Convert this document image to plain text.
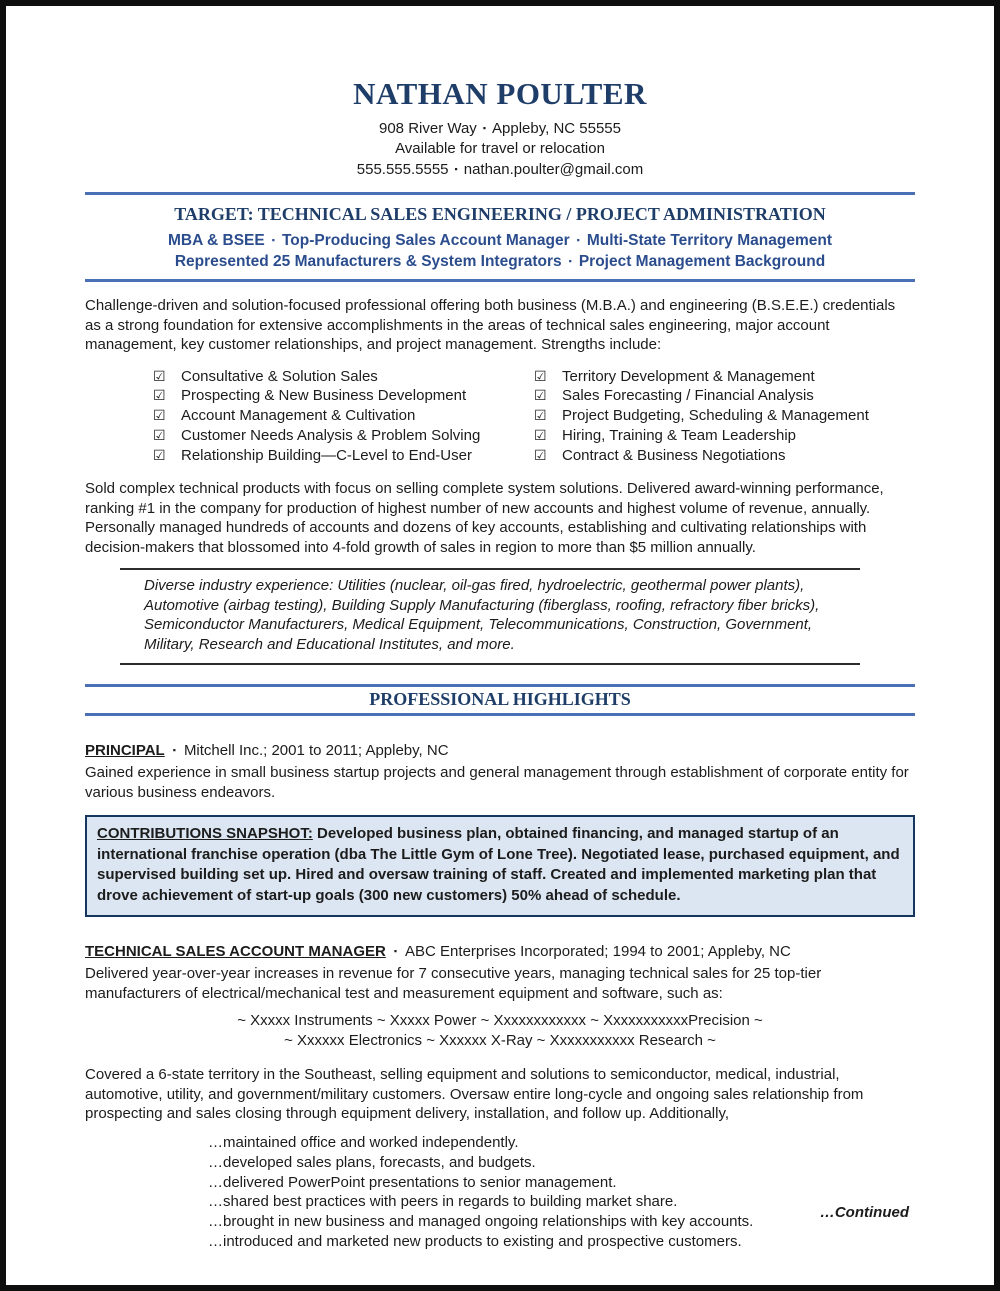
NATHAN POULTER
908 River Way ▪ Appleby, NC 55555
Available for travel or relocation
555.555.5555 ▪ nathan.poulter@gmail.com
TARGET: TECHNICAL SALES ENGINEERING / PROJECT ADMINISTRATION
MBA & BSEE ▪ Top-Producing Sales Account Manager ▪ Multi-State Territory Management
Represented 25 Manufacturers & System Integrators ▪ Project Management Background
Challenge-driven and solution-focused professional offering both business (M.B.A.) and engineering (B.S.E.E.) credentials as a strong foundation for extensive accomplishments in the areas of technical sales engineering, major account management, key customer relationships, and project management. Strengths include:
☑	Consultative & Solution Sales
☑	Prospecting & New Business Development
☑	Account Management & Cultivation
☑	Customer Needs Analysis & Problem Solving
☑	Relationship Building—C-Level to End-User
☑	Territory Development & Management
☑	Sales Forecasting / Financial Analysis
☑	Project Budgeting, Scheduling & Management
☑	Hiring, Training & Team Leadership
☑	Contract & Business Negotiations
Sold complex technical products with focus on selling complete system solutions. Delivered award-winning performance, ranking #1 in the company for production of highest number of new accounts and highest volume of revenue, annually. Personally managed hundreds of accounts and dozens of key accounts, establishing and cultivating relationships with decision-makers that blossomed into 4-fold growth of sales in region to more than $5 million annually.
Diverse industry experience: Utilities (nuclear, oil-gas fired, hydroelectric, geothermal power plants), Automotive (airbag testing), Building Supply Manufacturing (fiberglass, roofing, refractory fiber bricks), Semiconductor Manufacturers, Medical Equipment, Telecommunications, Construction, Government, Military, Research and Educational Institutes, and more.
PROFESSIONAL HIGHLIGHTS
PRINCIPAL ▪ Mitchell Inc.; 2001 to 2011; Appleby, NC
Gained experience in small business startup projects and general management through establishment of corporate entity for various business endeavors.
CONTRIBUTIONS SNAPSHOT: Developed business plan, obtained financing, and managed startup of an international franchise operation (dba The Little Gym of Lone Tree). Negotiated lease, purchased equipment, and supervised building set up. Hired and oversaw training of staff. Created and implemented marketing plan that drove achievement of start-up goals (300 new customers) 50% ahead of schedule.
TECHNICAL SALES ACCOUNT MANAGER ▪ ABC Enterprises Incorporated; 1994 to 2001; Appleby, NC
Delivered year-over-year increases in revenue for 7 consecutive years, managing technical sales for 25 top-tier manufacturers of electrical/mechanical test and measurement equipment and software, such as:
~ Xxxxx Instruments ~ Xxxxx Power ~ Xxxxxxxxxxxx ~ XxxxxxxxxxxPrecision ~
~ Xxxxxx Electronics ~ Xxxxxx X-Ray ~ Xxxxxxxxxxx Research ~
Covered a 6-state territory in the Southeast, selling equipment and solutions to semiconductor, medical, industrial, automotive, utility, and government/military customers. Oversaw entire long-cycle and ongoing sales relationship from prospecting and sales closing through equipment delivery, installation, and follow up. Additionally,
…maintained office and worked independently.
…developed sales plans, forecasts, and budgets.
…delivered PowerPoint presentations to senior management.
…shared best practices with peers in regards to building market share.
…brought in new business and managed ongoing relationships with key accounts.
…introduced and marketed new products to existing and prospective customers.
…Continued
